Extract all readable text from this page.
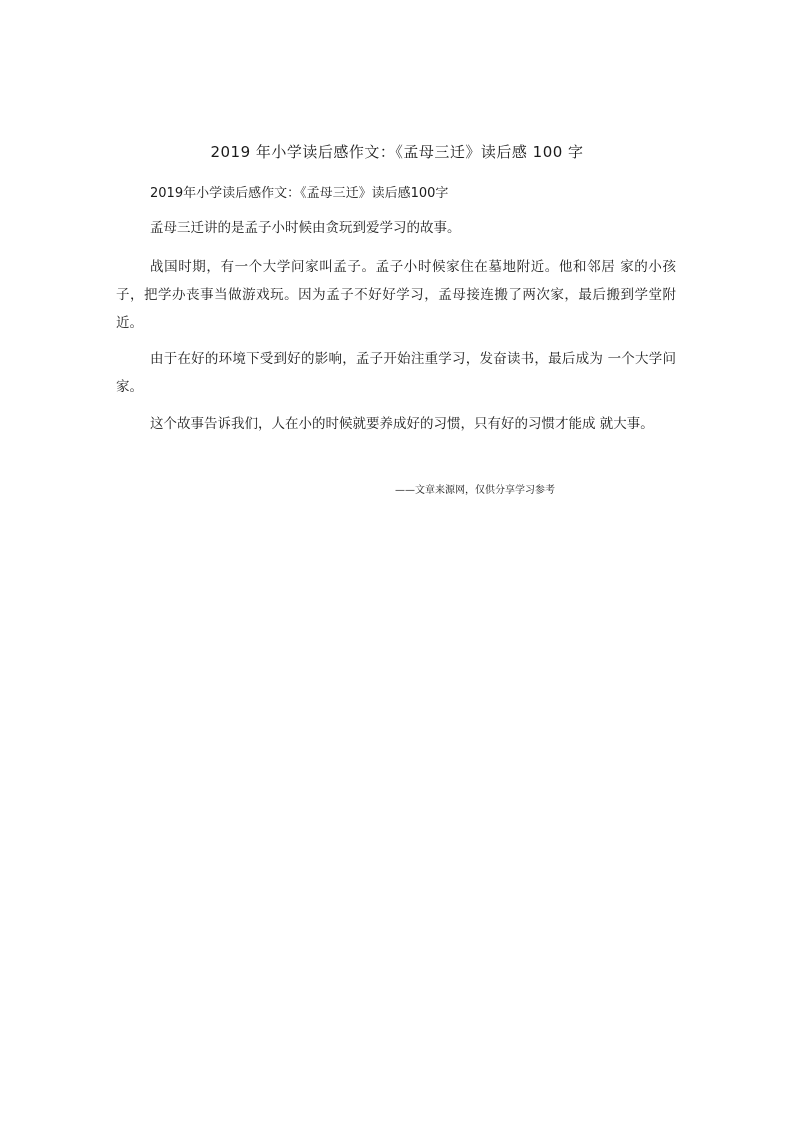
2019 年小学读后感作文：《孟母三迁》读后感 100 字
2019年小学读后感作文：《孟母三迁》读后感100字

孟母三迁讲的是孟子小时候由贪玩到爱学习的故事。

战国时期，有一个大学问家叫孟子。孟子小时候家住在墓地附近。他和邻居 家的小孩子，把学办丧事当做游戏玩。因为孟子不好好学习，孟母接连搬了两次家，最后搬到学堂附近。

由于在好的环境下受到好的影响，孟子开始注重学习，发奋读书，最后成为 一个大学问家。

这个故事告诉我们，人在小的时候就要养成好的习惯，只有好的习惯才能成 就大事。

——文章来源网，仅供分享学习参考
